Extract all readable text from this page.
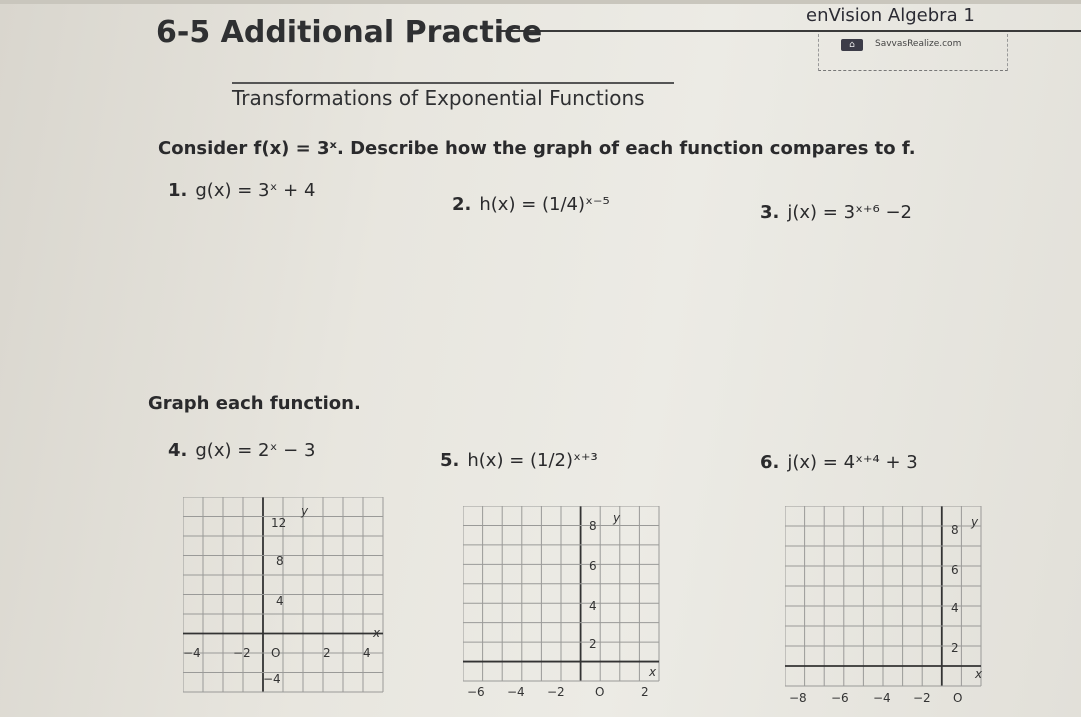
enVision Algebra 1
⌂	SavvasRealize.com
6-5 Additional Practice
Transformations of Exponential Functions
Consider f(x) = 3ˣ. Describe how the graph of each function compares to f.
1. g(x) = 3ˣ + 4
2. h(x) = (1/4)ˣ⁻⁵	3. j(x) = 3ˣ⁺⁶ −2
Graph each function.
4. g(x) = 2ˣ − 3	5. h(x) = (1/2)ˣ⁺³	6. j(x) = 4ˣ⁺⁴ + 3
y
12
8
4
−4
x
−4	−2 O	2	4
y
8
6
4
2
x
−6 −4 −2	O	2
y
8
6
4
2
x
−8 −6 −4 −2 O
